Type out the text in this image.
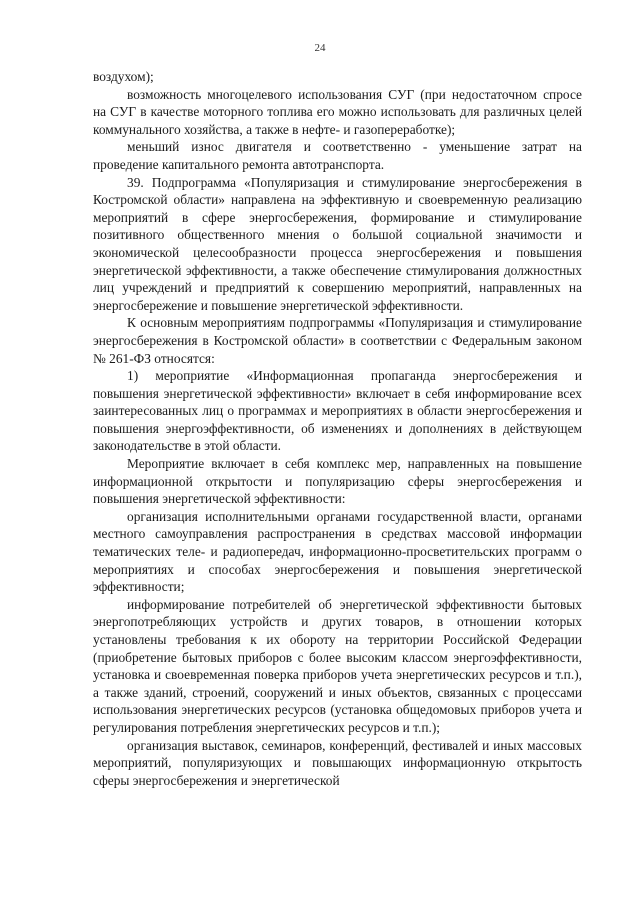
24

воздухом);

возможность многоцелевого использования СУГ (при недостаточном спросе на СУГ в качестве моторного топлива его можно использовать для различных целей коммунального хозяйства, а также в нефте- и газопереработке);

меньший износ двигателя и соответственно - уменьшение затрат на проведение капитального ремонта автотранспорта.

39. Подпрограмма «Популяризация и стимулирование энергосбережения в Костромской области» направлена на эффективную и своевременную реализацию мероприятий в сфере энергосбережения, формирование и стимулирование позитивного общественного мнения о большой социальной значимости и экономической целесообразности процесса энергосбережения и повышения энергетической эффективности, а также обеспечение стимулирования должностных лиц учреждений и предприятий к совершению мероприятий, направленных на энергосбережение и повышение энергетической эффективности.

К основным мероприятиям подпрограммы «Популяризация и стимулирование энергосбережения в Костромской области» в соответствии с Федеральным законом № 261-ФЗ относятся:

1) мероприятие «Информационная пропаганда энергосбережения и повышения энергетической эффективности» включает в себя информирование всех заинтересованных лиц о программах и мероприятиях в области энергосбережения и повышения энергоэффективности, об изменениях и дополнениях в действующем законодательстве в этой области.

Мероприятие включает в себя комплекс мер, направленных на повышение информационной открытости и популяризацию сферы энергосбережения и повышения энергетической эффективности:

организация исполнительными органами государственной власти, органами местного самоуправления распространения в средствах массовой информации тематических теле- и радиопередач, информационно-просветительских программ о мероприятиях и способах энергосбережения и повышения энергетической эффективности;

информирование потребителей об энергетической эффективности бытовых энергопотребляющих устройств и других товаров, в отношении которых установлены требования к их обороту на территории Российской Федерации (приобретение бытовых приборов с более высоким классом энергоэффективности, установка и своевременная поверка приборов учета энергетических ресурсов и т.п.), а также зданий, строений, сооружений и иных объектов, связанных с процессами использования энергетических ресурсов (установка общедомовых приборов учета и регулирования потребления энергетических ресурсов и т.п.);

организация выставок, семинаров, конференций, фестивалей и иных массовых мероприятий, популяризующих и повышающих информационную открытость сферы энергосбережения и энергетической
